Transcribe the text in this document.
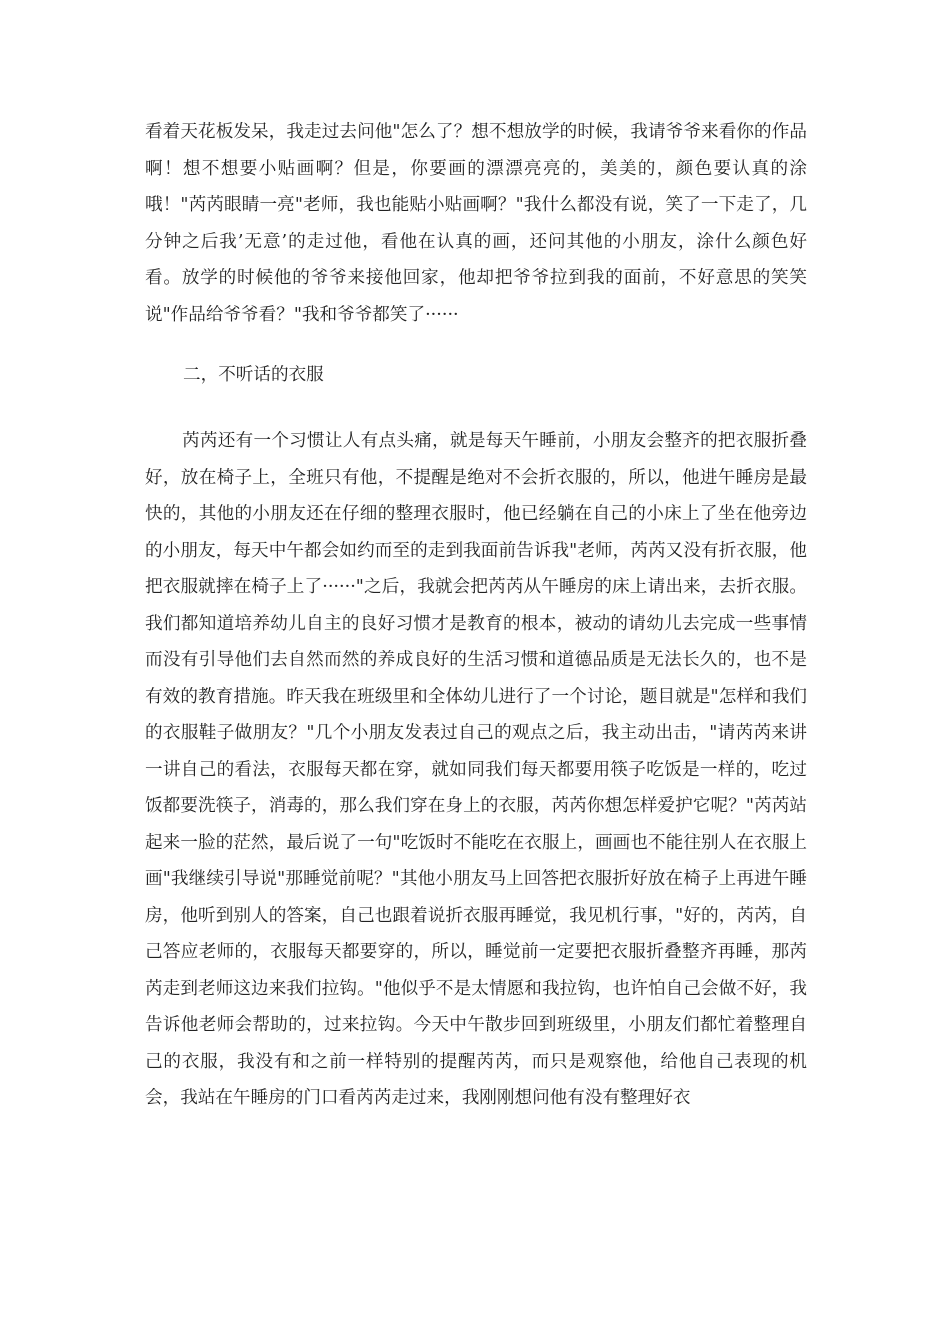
看着天花板发呆，我走过去问他"怎么了？想不想放学的时候，我请爷爷来看你的作品啊！想不想要小贴画啊？但是，你要画的漂漂亮亮的，美美的，颜色要认真的涂哦！"芮芮眼睛一亮"老师，我也能贴小贴画啊？"我什么都没有说，笑了一下走了，几分钟之后我’无意’的走过他，看他在认真的画，还问其他的小朋友，涂什么颜色好看。放学的时候他的爷爷来接他回家，他却把爷爷拉到我的面前，不好意思的笑笑说"作品给爷爷看？"我和爷爷都笑了······

二，不听话的衣服

芮芮还有一个习惯让人有点头痛，就是每天午睡前，小朋友会整齐的把衣服折叠好，放在椅子上，全班只有他，不提醒是绝对不会折衣服的，所以，他进午睡房是最快的，其他的小朋友还在仔细的整理衣服时，他已经躺在自己的小床上了坐在他旁边的小朋友，每天中午都会如约而至的走到我面前告诉我"老师，芮芮又没有折衣服，他把衣服就摔在椅子上了······"之后，我就会把芮芮从午睡房的床上请出来，去折衣服。我们都知道培养幼儿自主的良好习惯才是教育的根本，被动的请幼儿去完成一些事情而没有引导他们去自然而然的养成良好的生活习惯和道德品质是无法长久的，也不是有效的教育措施。昨天我在班级里和全体幼儿进行了一个讨论，题目就是"怎样和我们的衣服鞋子做朋友？"几个小朋友发表过自己的观点之后，我主动出击，"请芮芮来讲一讲自己的看法，衣服每天都在穿，就如同我们每天都要用筷子吃饭是一样的，吃过饭都要洗筷子，消毒的，那么我们穿在身上的衣服，芮芮你想怎样爱护它呢？"芮芮站起来一脸的茫然，最后说了一句"吃饭时不能吃在衣服上，画画也不能往别人在衣服上画"我继续引导说"那睡觉前呢？"其他小朋友马上回答把衣服折好放在椅子上再进午睡房，他听到别人的答案，自己也跟着说折衣服再睡觉，我见机行事，"好的，芮芮，自己答应老师的，衣服每天都要穿的，所以，睡觉前一定要把衣服折叠整齐再睡，那芮芮走到老师这边来我们拉钩。"他似乎不是太情愿和我拉钩，也许怕自己会做不好，我告诉他老师会帮助的，过来拉钩。今天中午散步回到班级里，小朋友们都忙着整理自己的衣服，我没有和之前一样特别的提醒芮芮，而只是观察他，给他自己表现的机会，我站在午睡房的门口看芮芮走过来，我刚刚想问他有没有整理好衣
